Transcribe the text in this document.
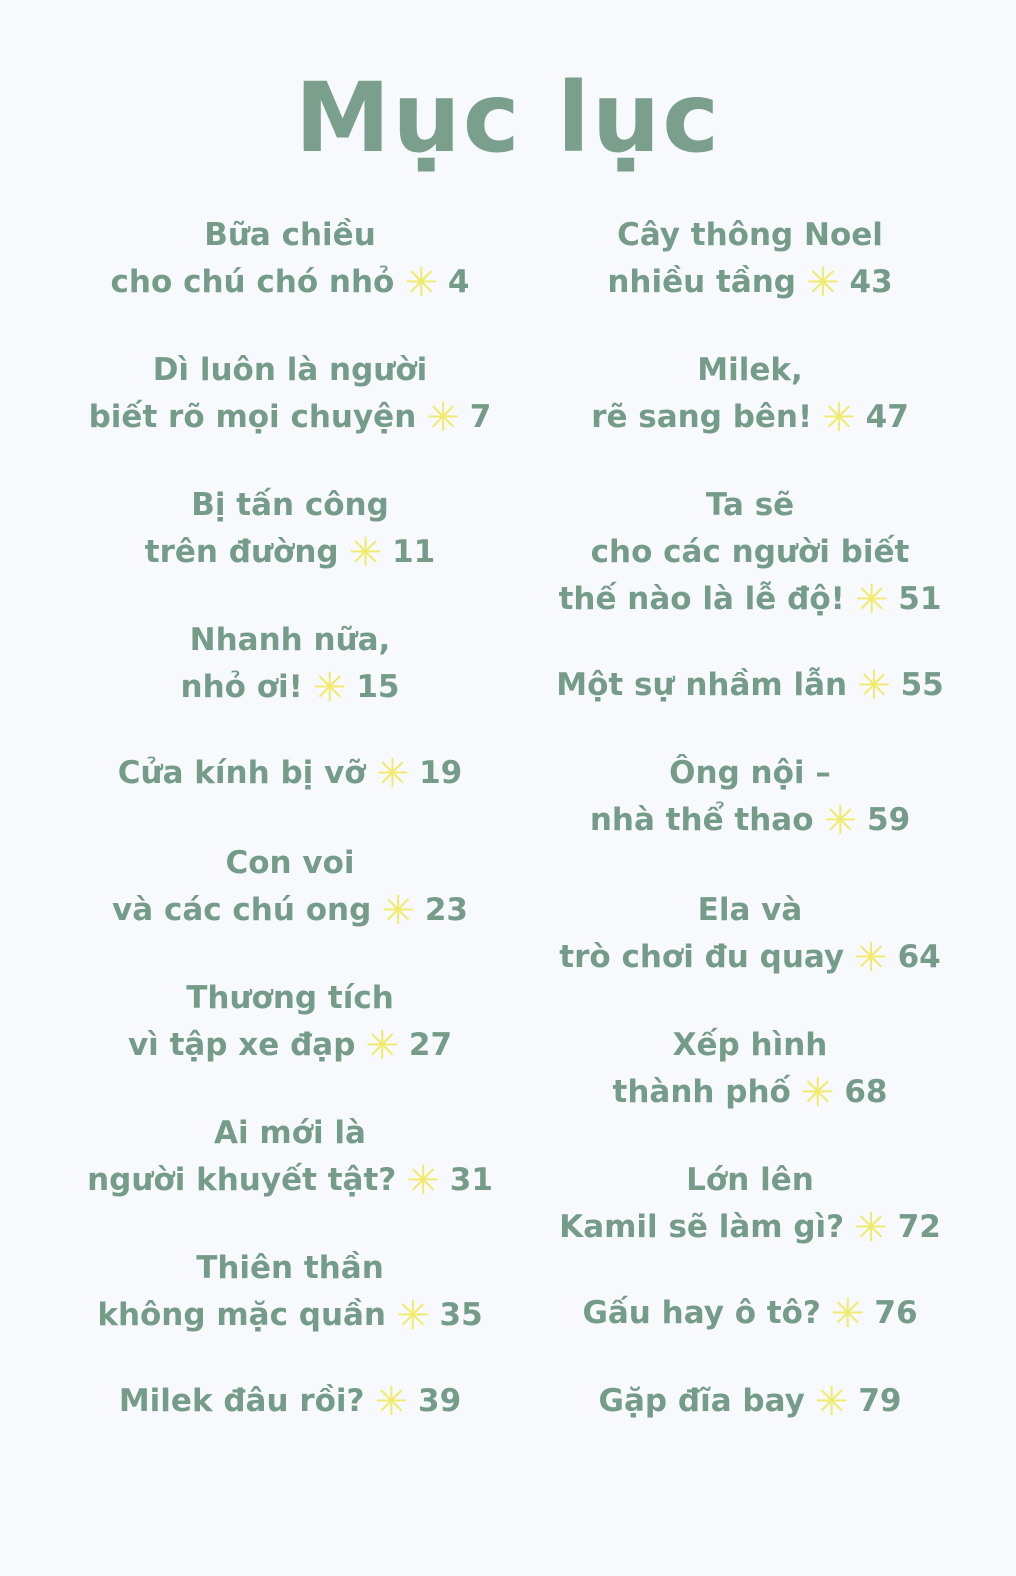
Mục lục
Bữa chiều
cho chú chó nhỏ ✳ 4
Dì luôn là người
biết rõ mọi chuyện ✳ 7
Bị tấn công
trên đường ✳ 11
Nhanh nữa,
nhỏ ơi! ✳ 15
Cửa kính bị vỡ ✳ 19
Con voi
và các chú ong ✳ 23
Thương tích
vì tập xe đạp ✳ 27
Ai mới là
người khuyết tật? ✳ 31
Thiên thần
không mặc quần ✳ 35
Milek đâu rồi? ✳ 39
Cây thông Noel
nhiều tầng ✳ 43
Milek,
rẽ sang bên! ✳ 47
Ta sẽ
cho các người biết
thế nào là lễ độ! ✳ 51
Một sự nhầm lẫn ✳ 55
Ông nội –
nhà thể thao ✳ 59
Ela và
trò chơi đu quay ✳ 64
Xếp hình
thành phố ✳ 68
Lớn lên
Kamil sẽ làm gì? ✳ 72
Gấu hay ô tô? ✳ 76
Gặp đĩa bay ✳ 79
